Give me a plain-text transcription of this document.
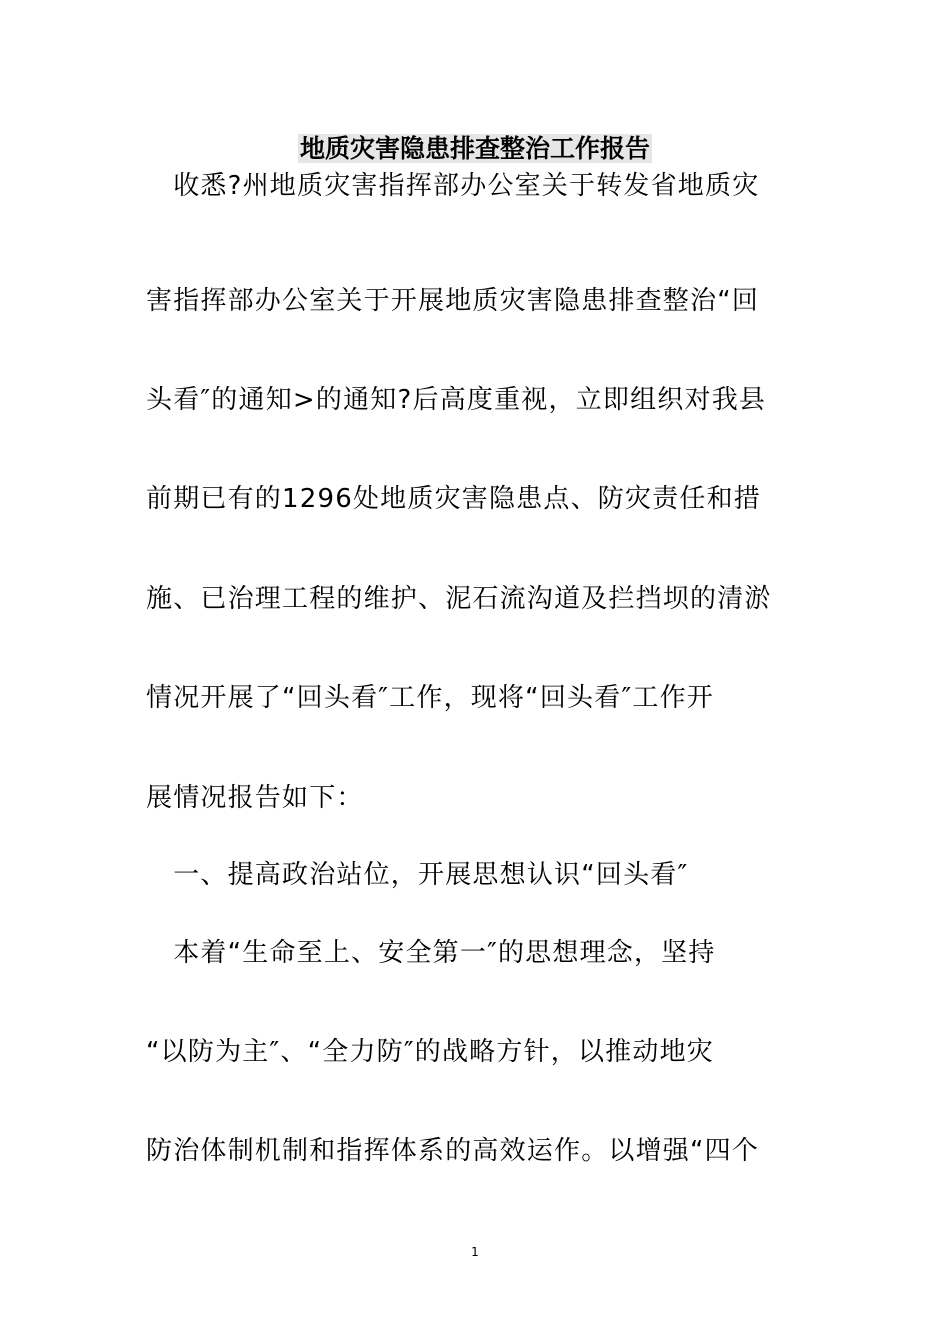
地质灾害隐患排查整治工作报告
　收悉?州地质灾害指挥部办公室关于转发省地质灾
害指挥部办公室关于开展地质灾害隐患排查整治“回
头看″的通知>的通知?后高度重视，立即组织对我县
前期已有的1296处地质灾害隐患点、防灾责任和措
施、已治理工程的维护、泥石流沟道及拦挡坝的清淤
情况开展了“回头看″工作，现将“回头看″工作开
展情况报告如下：
　一、提高政治站位，开展思想认识“回头看″
　本着“生命至上、安全第一″的思想理念，坚持
“以防为主″、“全力防″的战略方针，以推动地灾
防治体制机制和指挥体系的高效运作。以增强“四个
1
